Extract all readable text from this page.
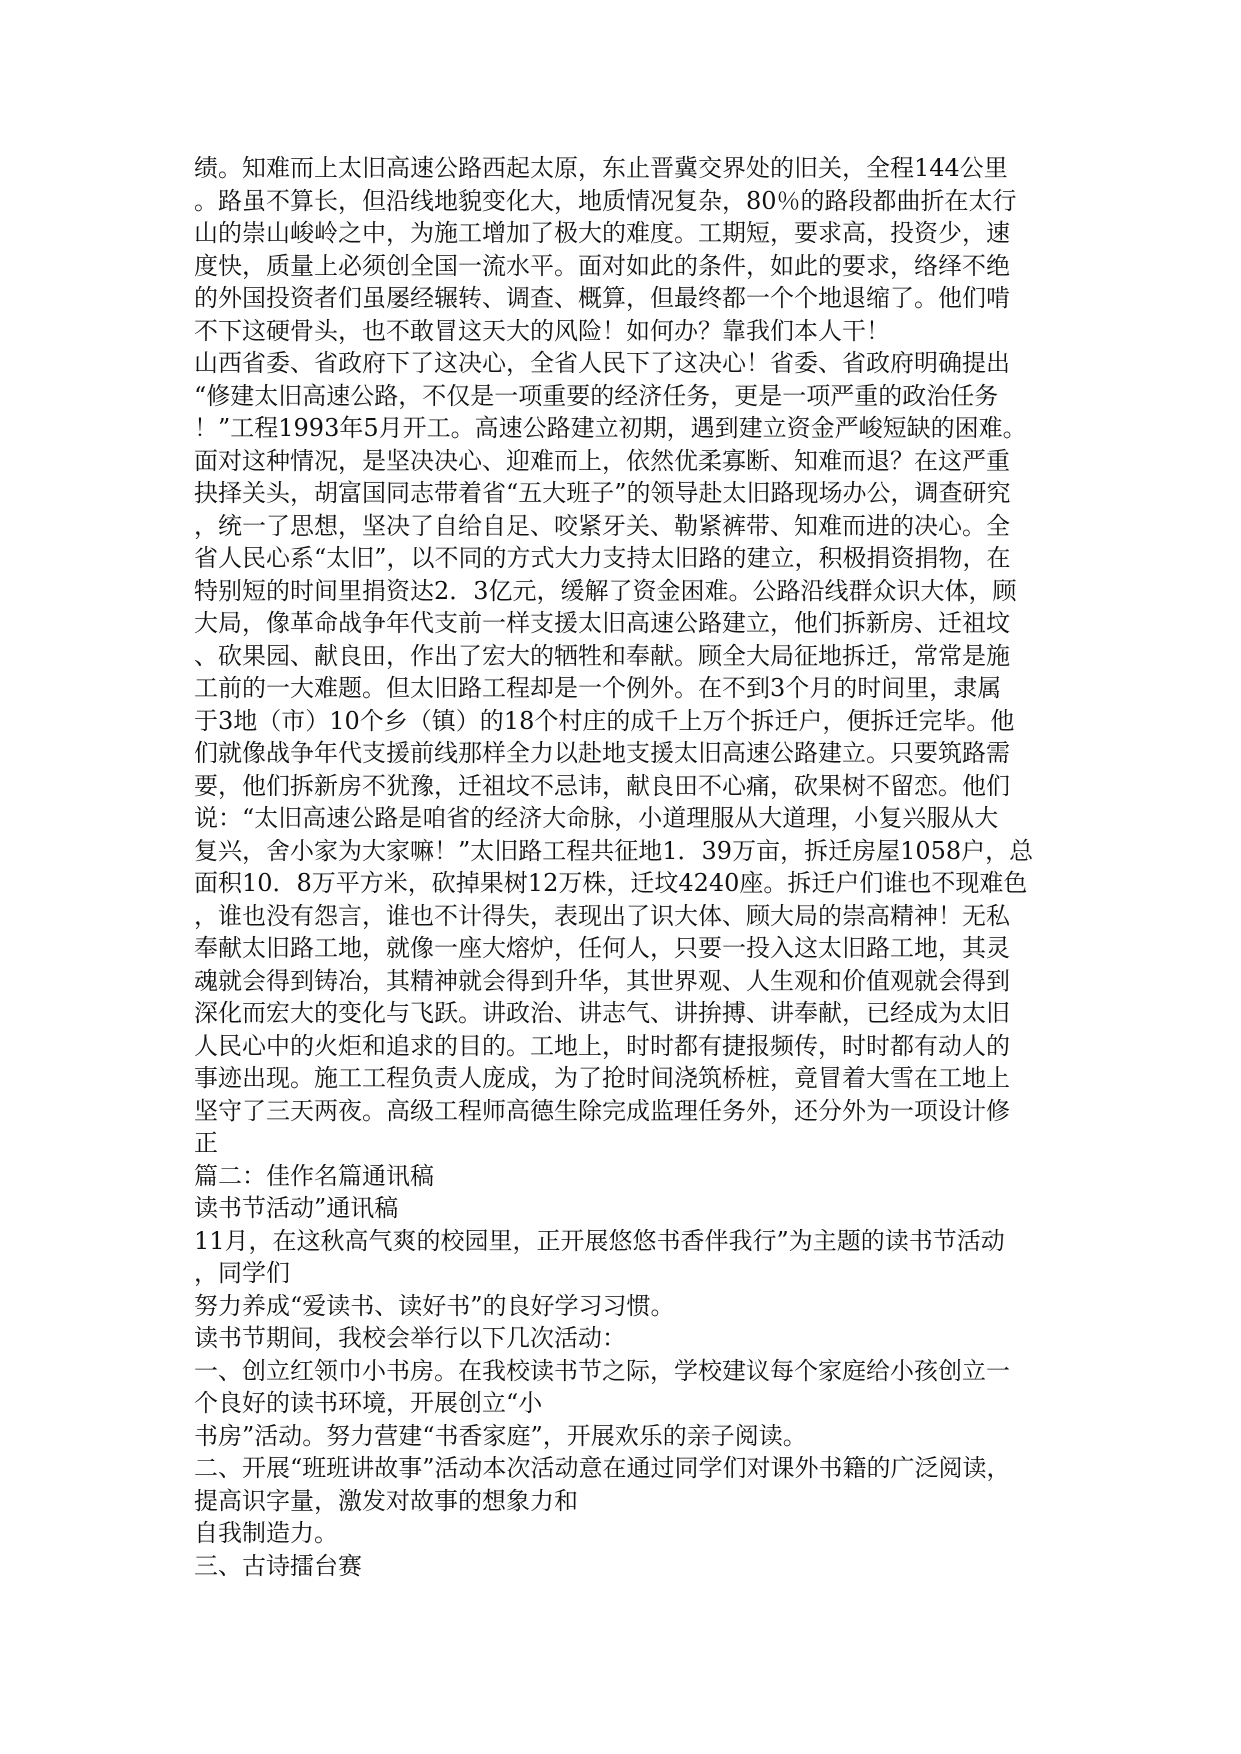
绩。知难而上太旧高速公路西起太原，东止晋冀交界处的旧关，全程144公里
。路虽不算长，但沿线地貌变化大，地质情况复杂，80％的路段都曲折在太行
山的崇山峻岭之中，为施工增加了极大的难度。工期短，要求高，投资少，速
度快，质量上必须创全国一流水平。面对如此的条件，如此的要求，络绎不绝
的外国投资者们虽屡经辗转、调查、概算，但最终都一个个地退缩了。他们啃
不下这硬骨头，也不敢冒这天大的风险！如何办？靠我们本人干！
山西省委、省政府下了这决心，全省人民下了这决心！省委、省政府明确提出
“修建太旧高速公路，不仅是一项重要的经济任务，更是一项严重的政治任务
！”工程1993年5月开工。高速公路建立初期，遇到建立资金严峻短缺的困难。
面对这种情况，是坚决决心、迎难而上，依然优柔寡断、知难而退？在这严重
抉择关头，胡富国同志带着省“五大班子”的领导赴太旧路现场办公，调查研究
，统一了思想，坚决了自给自足、咬紧牙关、勒紧裤带、知难而进的决心。全
省人民心系“太旧”，以不同的方式大力支持太旧路的建立，积极捐资捐物，在
特别短的时间里捐资达2．3亿元，缓解了资金困难。公路沿线群众识大体，顾
大局，像革命战争年代支前一样支援太旧高速公路建立，他们拆新房、迁祖坟
、砍果园、献良田，作出了宏大的牺牲和奉献。顾全大局征地拆迁，常常是施
工前的一大难题。但太旧路工程却是一个例外。在不到3个月的时间里，隶属
于3地（市）10个乡（镇）的18个村庄的成千上万个拆迁户，便拆迁完毕。他
们就像战争年代支援前线那样全力以赴地支援太旧高速公路建立。只要筑路需
要，他们拆新房不犹豫，迁祖坟不忌讳，献良田不心痛，砍果树不留恋。他们
说：“太旧高速公路是咱省的经济大命脉，小道理服从大道理，小复兴服从大
复兴，舍小家为大家嘛！”太旧路工程共征地1．39万亩，拆迁房屋1058户，总
面积10．8万平方米，砍掉果树12万株，迁坟4240座。拆迁户们谁也不现难色
，谁也没有怨言，谁也不计得失，表现出了识大体、顾大局的崇高精神！无私
奉献太旧路工地，就像一座大熔炉，任何人，只要一投入这太旧路工地，其灵
魂就会得到铸冶，其精神就会得到升华，其世界观、人生观和价值观就会得到
深化而宏大的变化与飞跃。讲政治、讲志气、讲拚搏、讲奉献，已经成为太旧
人民心中的火炬和追求的目的。工地上，时时都有捷报频传，时时都有动人的
事迹出现。施工工程负责人庞成，为了抢时间浇筑桥桩，竟冒着大雪在工地上
坚守了三天两夜。高级工程师高德生除完成监理任务外，还分外为一项设计修
正
篇二：佳作名篇通讯稿
读书节活动”通讯稿
11月，在这秋高气爽的校园里，正开展悠悠书香伴我行”为主题的读书节活动
，同学们
努力养成“爱读书、读好书”的良好学习习惯。
读书节期间，我校会举行以下几次活动：
一、创立红领巾小书房。在我校读书节之际，学校建议每个家庭给小孩创立一
个良好的读书环境，开展创立“小
书房”活动。努力营建“书香家庭”，开展欢乐的亲子阅读。
二、开展“班班讲故事”活动本次活动意在通过同学们对课外书籍的广泛阅读，
提高识字量，激发对故事的想象力和
自我制造力。
三、古诗擂台赛
